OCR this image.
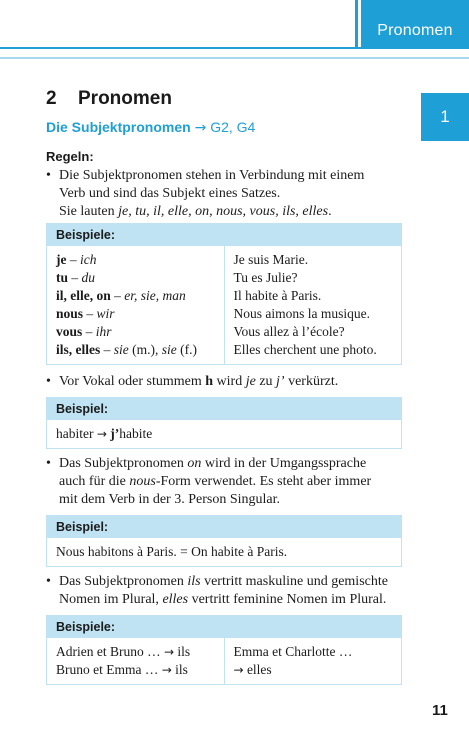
Pronomen
1
2 Pronomen
Die Subjektpronomen → G2, G4
Regeln:
• Die Subjektpronomen stehen in Verbindung mit einem
Verb und sind das Subjekt eines Satzes.
Sie lauten je, tu, il, elle, on, nous, vous, ils, elles.
Beispiele:
je – ich
tu – du
il, elle, on – er, sie, man
nous – wir
vous – ihr
ils, elles – sie (m.), sie (f.)
Je suis Marie.
Tu es Julie?
Il habite à Paris.
Nous aimons la musique.
Vous allez à l’école?
Elles cherchent une photo.
• Vor Vokal oder stummem h wird je zu j’ verkürzt.
Beispiel:
habiter → j’habite
• Das Subjektpronomen on wird in der Umgangssprache
auch für die nous-Form verwendet. Es steht aber immer
mit dem Verb in der 3. Person Singular.
Beispiel:
Nous habitons à Paris. = On habite à Paris.
• Das Subjektpronomen ils vertritt maskuline und gemischte
Nomen im Plural, elles vertritt feminine Nomen im Plural.
Beispiele:
Adrien et Bruno … → ils
Bruno et Emma … → ils
Emma et Charlotte …
→ elles
11
